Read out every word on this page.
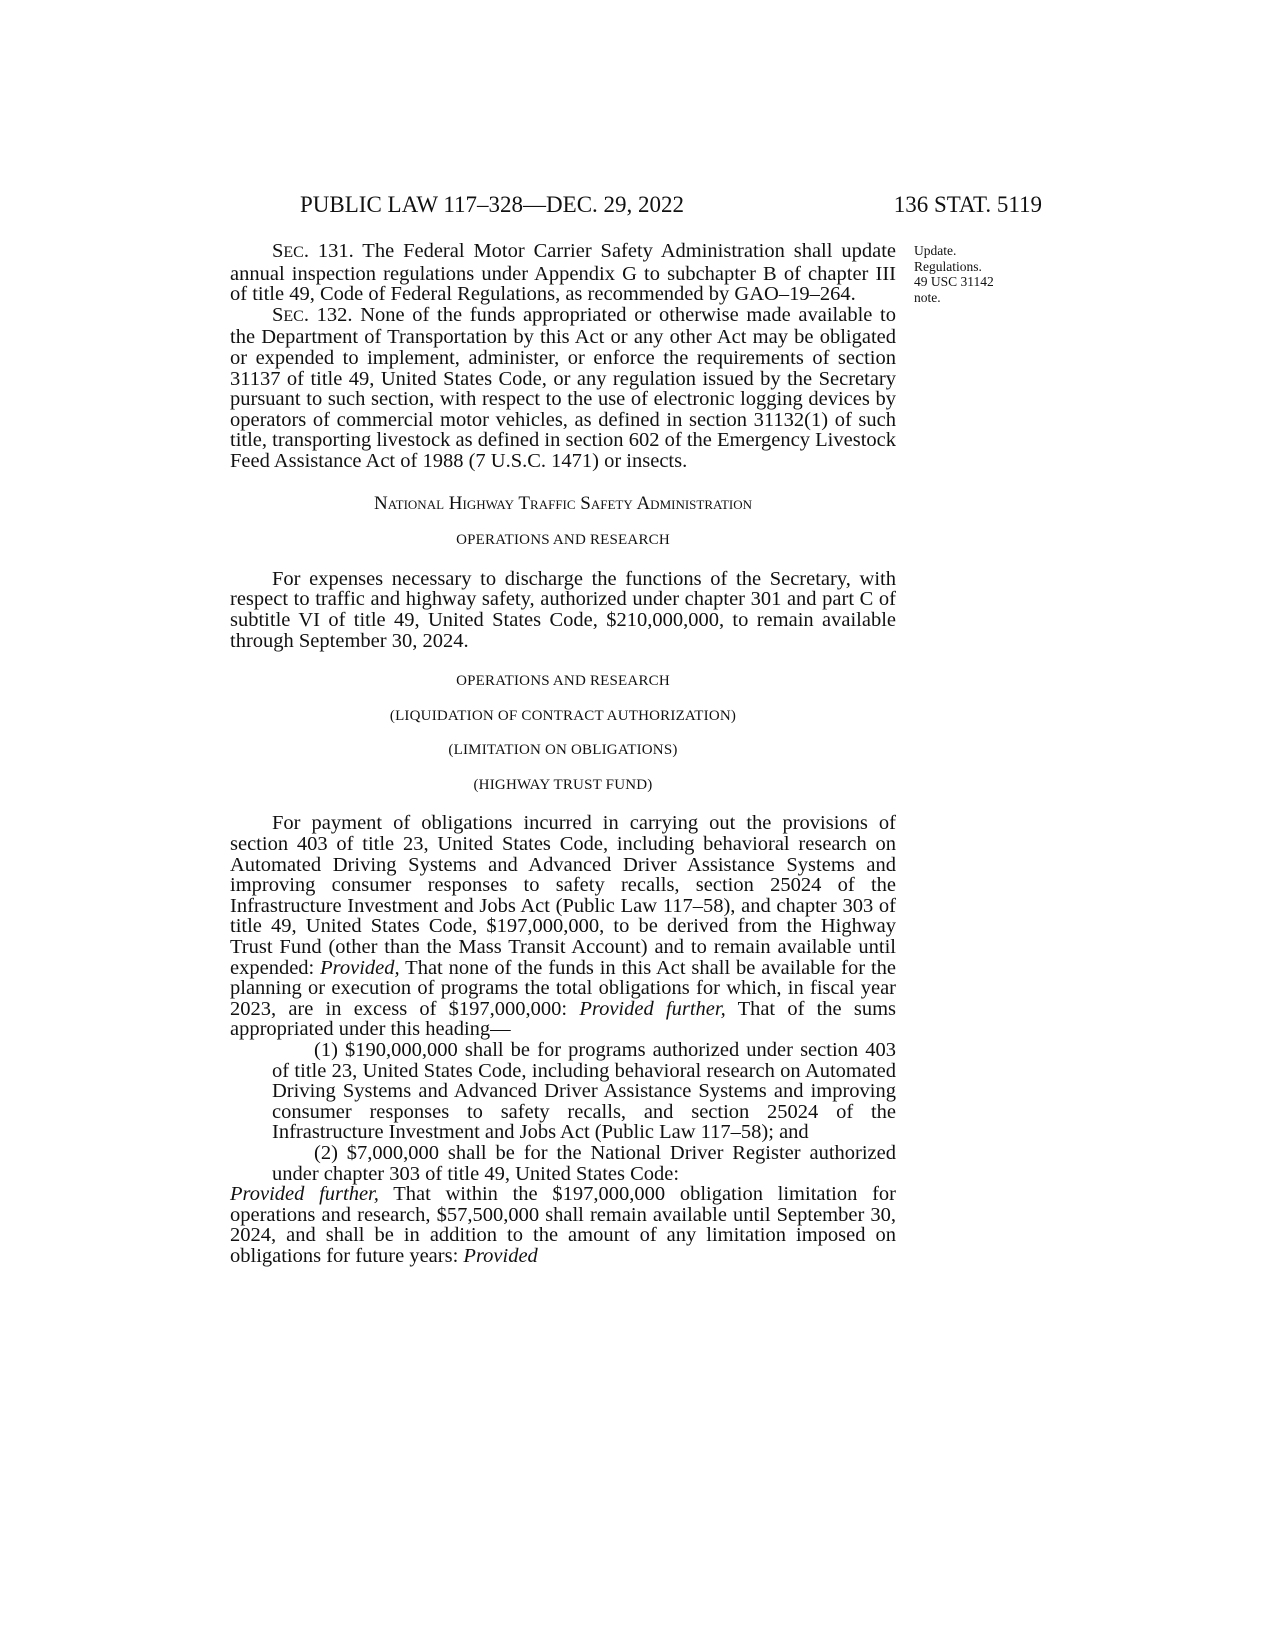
PUBLIC LAW 117–328—DEC. 29, 2022	136 STAT. 5119
Update.
Regulations.
49 USC 31142
note.

SEC. 131. The Federal Motor Carrier Safety Administration shall update annual inspection regulations under Appendix G to subchapter B of chapter III of title 49, Code of Federal Regulations, as recommended by GAO–19–264.

SEC. 132. None of the funds appropriated or otherwise made available to the Department of Transportation by this Act or any other Act may be obligated or expended to implement, administer, or enforce the requirements of section 31137 of title 49, United States Code, or any regulation issued by the Secretary pursuant to such section, with respect to the use of electronic logging devices by operators of commercial motor vehicles, as defined in section 31132(1) of such title, transporting livestock as defined in section 602 of the Emergency Livestock Feed Assistance Act of 1988 (7 U.S.C. 1471) or insects.

National Highway Traffic Safety Administration
OPERATIONS AND RESEARCH

For expenses necessary to discharge the functions of the Secretary, with respect to traffic and highway safety, authorized under chapter 301 and part C of subtitle VI of title 49, United States Code, $210,000,000, to remain available through September 30, 2024.

OPERATIONS AND RESEARCH
(LIQUIDATION OF CONTRACT AUTHORIZATION)
(LIMITATION ON OBLIGATIONS)
(HIGHWAY TRUST FUND)

For payment of obligations incurred in carrying out the provisions of section 403 of title 23, United States Code, including behavioral research on Automated Driving Systems and Advanced Driver Assistance Systems and improving consumer responses to safety recalls, section 25024 of the Infrastructure Investment and Jobs Act (Public Law 117–58), and chapter 303 of title 49, United States Code, $197,000,000, to be derived from the Highway Trust Fund (other than the Mass Transit Account) and to remain available until expended: Provided, That none of the funds in this Act shall be available for the planning or execution of programs the total obligations for which, in fiscal year 2023, are in excess of $197,000,000: Provided further, That of the sums appropriated under this heading—

(1) $190,000,000 shall be for programs authorized under section 403 of title 23, United States Code, including behavioral research on Automated Driving Systems and Advanced Driver Assistance Systems and improving consumer responses to safety recalls, and section 25024 of the Infrastructure Investment and Jobs Act (Public Law 117–58); and

(2) $7,000,000 shall be for the National Driver Register authorized under chapter 303 of title 49, United States Code:

Provided further, That within the $197,000,000 obligation limitation for operations and research, $57,500,000 shall remain available until September 30, 2024, and shall be in addition to the amount of any limitation imposed on obligations for future years: Provided
